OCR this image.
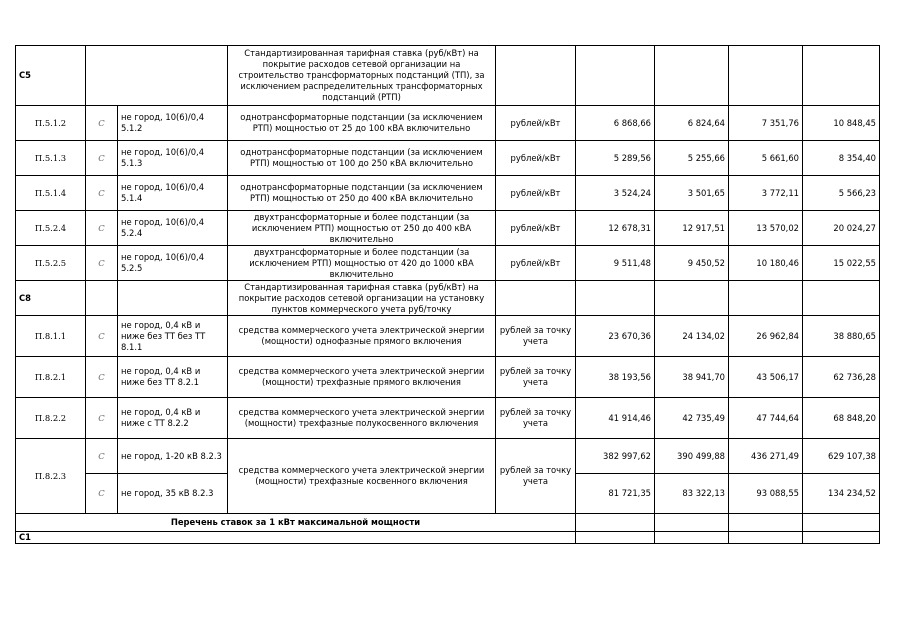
С5			Стандартизированная тарифная ставка (руб/кВт) на покрытие расходов сетевой организации на строительство трансформаторных подстанций (ТП), за исключением распределительных трансформаторных подстанций (РТП)					
П.5.1.2	C	не город, 10(6)/0,4 5.1.2	однотрансформаторные подстанции (за исключением РТП) мощностью от 25 до 100 кВА включительно	рублей/кВт	6 868,66	6 824,64	7 351,76	10 848,45
П.5.1.3	C	не город, 10(6)/0,4 5.1.3	однотрансформаторные подстанции (за исключением РТП) мощностью от 100 до 250 кВА включительно	рублей/кВт	5 289,56	5 255,66	5 661,60	8 354,40
П.5.1.4	C	не город, 10(6)/0,4 5.1.4	однотрансформаторные подстанции (за исключением РТП) мощностью от 250 до 400 кВА включительно	рублей/кВт	3 524,24	3 501,65	3 772,11	5 566,23
П.5.2.4	C	не город, 10(6)/0,4 5.2.4	двухтрансформаторные и более подстанции (за исключением РТП) мощностью от 250 до 400 кВА включительно	рублей/кВт	12 678,31	12 917,51	13 570,02	20 024,27
П.5.2.5	C	не город, 10(6)/0,4 5.2.5	двухтрансформаторные и более подстанции (за исключением РТП) мощностью от 420 до 1000 кВА включительно	рублей/кВт	9 511,48	9 450,52	10 180,46	15 022,55
С8			Стандартизированная тарифная ставка (руб/кВт) на покрытие расходов сетевой организации на установку пунктов коммерческого учета руб/точку					
П.8.1.1	C	не город, 0,4 кВ и ниже без ТТ без ТТ 8.1.1	средства коммерческого учета электрической энергии (мощности) однофазные прямого включения	рублей за точку учета	23 670,36	24 134,02	26 962,84	38 880,65
П.8.2.1	C	не город, 0,4 кВ и ниже без ТТ 8.2.1	средства коммерческого учета электрической энергии (мощности) трехфазные прямого включения	рублей за точку учета	38 193,56	38 941,70	43 506,17	62 736,28
П.8.2.2	C	не город, 0,4 кВ и ниже с ТТ 8.2.2	средства коммерческого учета электрической энергии (мощности) трехфазные полукосвенного включения	рублей за точку учета	41 914,46	42 735,49	47 744,64	68 848,20
П.8.2.3	C	не город, 1-20 кВ 8.2.3	средства коммерческого учета электрической энергии (мощности) трехфазные косвенного включения	рублей за точку учета	382 997,62	390 499,88	436 271,49	629 107,38
	C	не город, 35 кВ 8.2.3			81 721,35	83 322,13	93 088,55	134 234,52
Перечень ставок за 1 кВт максимальной мощности								
С1								
